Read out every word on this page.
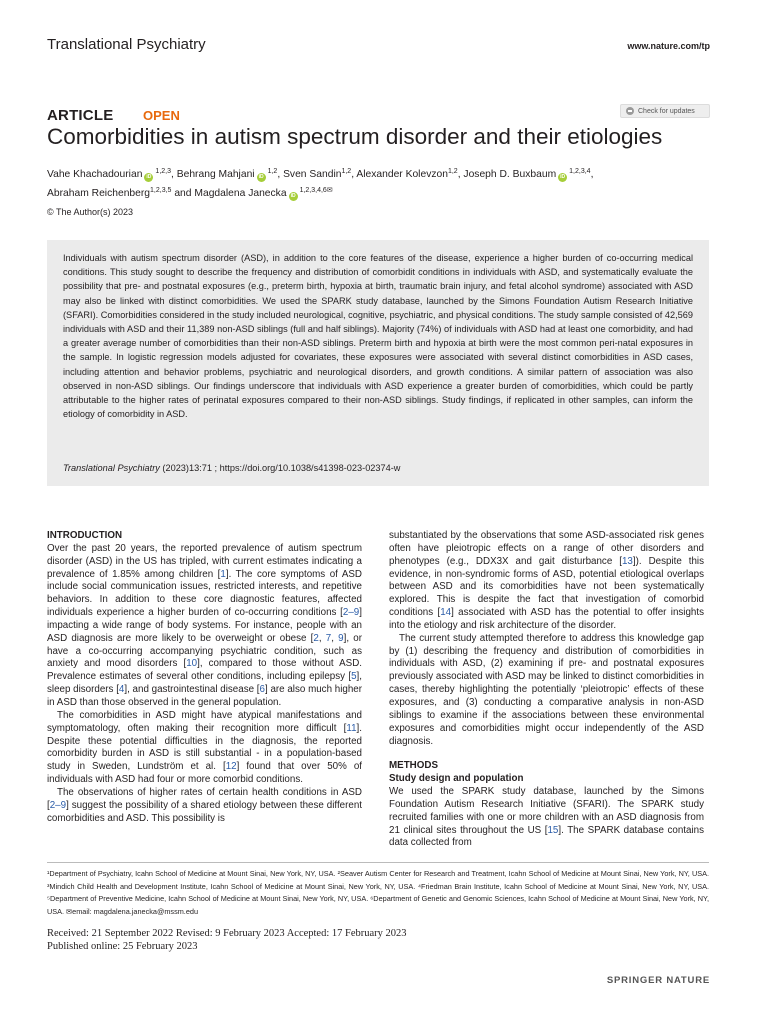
Translational Psychiatry	www.nature.com/tp
ARTICLE OPEN	Check for updates
Comorbidities in autism spectrum disorder and their etiologies
Vahe Khachadourian iD$^{1,2,3}$, Behrang Mahjani iD$^{1,2}$, Sven Sandin$^{1,2}$, Alexander Kolevzon$^{1,2}$, Joseph D. Buxbaum iD$^{1,2,3,4}$,
Abraham Reichenberg$^{1,2,3,5}$ and Magdalena Janecka iD$^{1,2,3,4,6✉}$
© The Author(s) 2023

Individuals with autism spectrum disorder (ASD), in addition to the core features of the disease, experience a higher burden of co-occurring medical conditions. This study sought to describe the frequency and distribution of comorbidit conditions in individuals with ASD, and systematically evaluate the possibility that pre- and postnatal exposures (e.g., preterm birth, hypoxia at birth, traumatic brain injury, and fetal alcohol syndrome) associated with ASD may also be linked with distinct comorbidities. We used the SPARK study database, launched by the Simons Foundation Autism Research Initiative (SFARI). Comorbidities considered in the study included neurological, cognitive, psychiatric, and physical conditions. The study sample consisted of 42,569 individuals with ASD and their 11,389 non-ASD siblings (full and half siblings). Majority (74%) of individuals with ASD had at least one comorbidity, and had a greater average number of comorbidities than their non-ASD siblings. Preterm birth and hypoxia at birth were the most common peri-natal exposures in the sample. In logistic regression models adjusted for covariates, these exposures were associated with several distinct comorbidities in ASD cases, including attention and behavior problems, psychiatric and neurological disorders, and growth conditions. A similar pattern of association was also observed in non-ASD siblings. Our findings underscore that individuals with ASD experience a greater burden of comorbidities, which could be partly attributable to the higher rates of perinatal exposures compared to their non-ASD siblings. Study findings, if replicated in other samples, can inform the etiology of comorbidity in ASD.

Translational Psychiatry (2023)13:71 ; https://doi.org/10.1038/s41398-023-02374-w

INTRODUCTION

Over the past 20 years, the reported prevalence of autism spectrum disorder (ASD) in the US has tripled, with current estimates indicating a prevalence of 1.85% among children [1]. The core symptoms of ASD include social communication issues, restricted interests, and repetitive behaviors. In addition to these core diagnostic features, affected individuals experience a higher burden of co-occurring conditions [2–9] impacting a wide range of body systems. For instance, people with an ASD diagnosis are more likely to be overweight or obese [2, 7, 9], or have a co-occurring accompanying psychiatric condition, such as anxiety and mood disorders [10], compared to those without ASD. Prevalence estimates of several other conditions, including epilepsy [5], sleep disorders [4], and gastrointestinal disease [6] are also much higher in ASD than those observed in the general population.

The comorbidities in ASD might have atypical manifestations and symptomatology, often making their recognition more difficult [11]. Despite these potential difficulties in the diagnosis, the reported comorbidity burden in ASD is still substantial - in a population-based study in Sweden, Lundström et al. [12] found that over 50% of individuals with ASD had four or more comorbid conditions.

The observations of higher rates of certain health conditions in ASD [2–9] suggest the possibility of a shared etiology between these different comorbidities and ASD. This possibility is

substantiated by the observations that some ASD-associated risk genes often have pleiotropic effects on a range of other disorders and phenotypes (e.g., DDX3X and gait disturbance [13]). Despite this evidence, in non-syndromic forms of ASD, potential etiological overlaps between ASD and its comorbidities have not been systematically explored. This is despite the fact that investigation of comorbid conditions [14] associated with ASD has the potential to offer insights into the etiology and risk architecture of the disorder.

The current study attempted therefore to address this knowledge gap by (1) describing the frequency and distribution of comorbidities in individuals with ASD, (2) examining if pre- and postnatal exposures previously associated with ASD may be linked to distinct comorbidities in cases, thereby highlighting the potentially ‘pleiotropic’ effects of these exposures, and (3) conducting a comparative analysis in non-ASD siblings to examine if the associations between these environmental exposures and comorbidities might occur independently of the ASD diagnosis.

METHODS

Study design and population

We used the SPARK study database, launched by the Simons Foundation Autism Research Initiative (SFARI). The SPARK study recruited families with one or more children with an ASD diagnosis from 21 clinical sites throughout the US [15]. The SPARK database contains data collected from

¹Department of Psychiatry, Icahn School of Medicine at Mount Sinai, New York, NY, USA. ²Seaver Autism Center for Research and Treatment, Icahn School of Medicine at Mount Sinai, New York, NY, USA. ³Mindich Child Health and Development Institute, Icahn School of Medicine at Mount Sinai, New York, NY, USA. ⁴Friedman Brain Institute, Icahn School of Medicine at Mount Sinai, New York, NY, USA. ⁵Department of Preventive Medicine, Icahn School of Medicine at Mount Sinai, New York, NY, USA. ⁶Department of Genetic and Genomic Sciences, Icahn School of Medicine at Mount Sinai, New York, NY, USA. ✉email: magdalena.janecka@mssm.edu
Received: 21 September 2022 Revised: 9 February 2023 Accepted: 17 February 2023
Published online: 25 February 2023
SPRINGER NATURE
